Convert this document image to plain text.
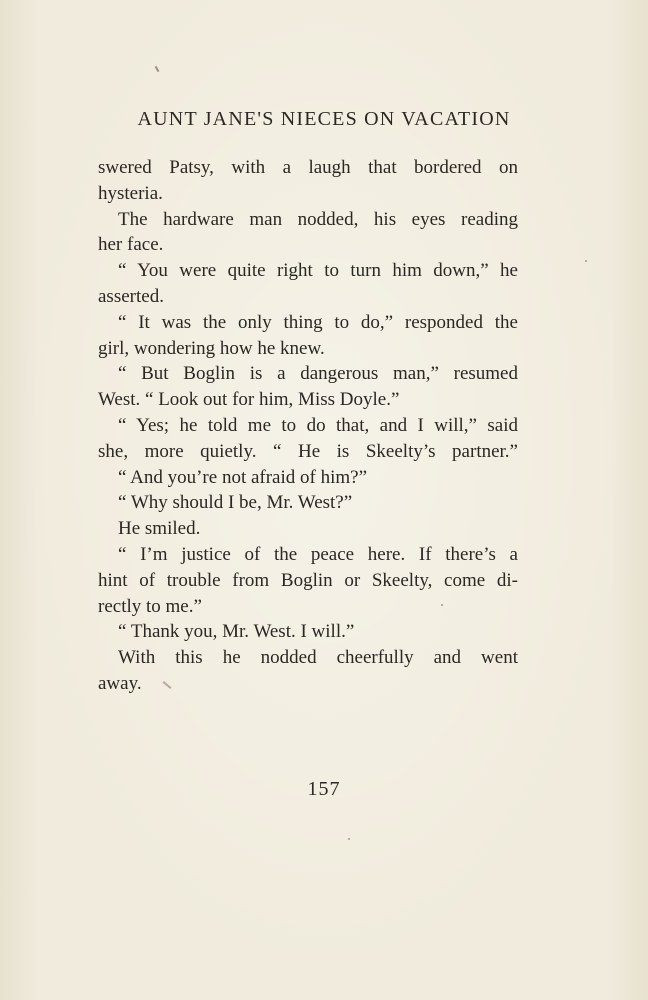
AUNT JANE'S NIECES ON VACATION
swered Patsy, with a laugh that bordered on
hysteria.
The hardware man nodded, his eyes reading
her face.
“ You were quite right to turn him down,” he
asserted.
“ It was the only thing to do,” responded the
girl, wondering how he knew.
“ But Boglin is a dangerous man,” resumed
West. “ Look out for him, Miss Doyle.”
“ Yes; he told me to do that, and I will,” said
she, more quietly. “ He is Skeelty’s partner.”
“ And you’re not afraid of him?”
“ Why should I be, Mr. West?”
He smiled.
“ I’m justice of the peace here. If there’s a
hint of trouble from Boglin or Skeelty, come di-
rectly to me.”
“ Thank you, Mr. West. I will.”
With this he nodded cheerfully and went
away.
157
